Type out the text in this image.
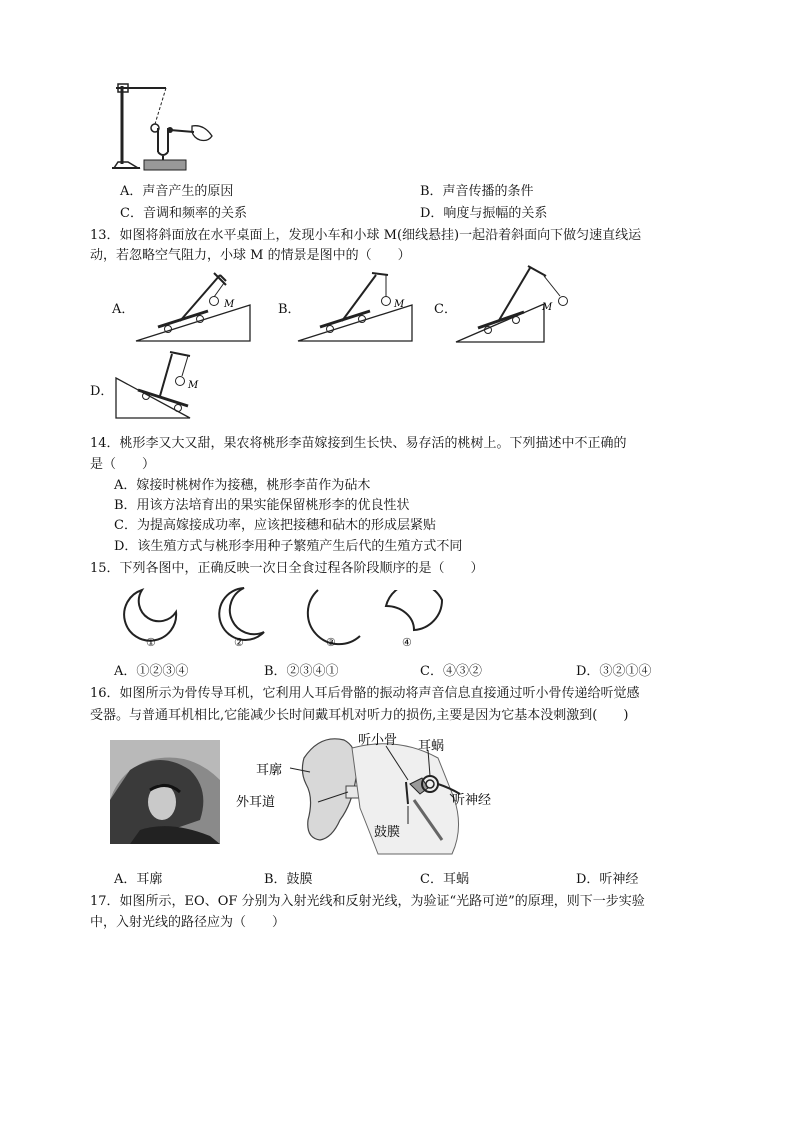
A．声音产生的原因	B．声音传播的条件
C．音调和频率的关系	D．响度与振幅的关系
13．如图将斜面放在水平桌面上，发现小车和小球 M(细线悬挂)一起沿着斜面向下做匀速直线运
动，若忽略空气阻力，小球 M 的情景是图中的（　　）
A．	M	B．	M C．	M
D．	M
14．桃形李又大又甜，果农将桃形李苗嫁接到生长快、易存活的桃树上。下列描述中不正确的
是（　　）
A．嫁接时桃树作为接穗，桃形李苗作为砧木
B．用该方法培育出的果实能保留桃形李的优良性状
C．为提高嫁接成功率，应该把接穗和砧木的形成层紧贴
D．该生殖方式与桃形李用种子繁殖产生后代的生殖方式不同
15．下列各图中，正确反映一次日全食过程各阶段顺序的是（　　）
①	②	③	④
A．①②③④	B．②③④①	C．④③②	D．③②①④
16．如图所示为骨传导耳机，它利用人耳后骨骼的振动将声音信息直接通过听小骨传递给听觉感
受器。与普通耳机相比,它能减少长时间戴耳机对听力的损伤,主要是因为它基本没刺激到(　　)
耳廓
听小骨 耳蜗
外耳道	听神经
鼓膜
A．耳廓	B．鼓膜	C．耳蜗	D．听神经
17．如图所示，EO、OF 分别为入射光线和反射光线，为验证“光路可逆”的原理，则下一步实验
中，入射光线的路径应为（　　）
